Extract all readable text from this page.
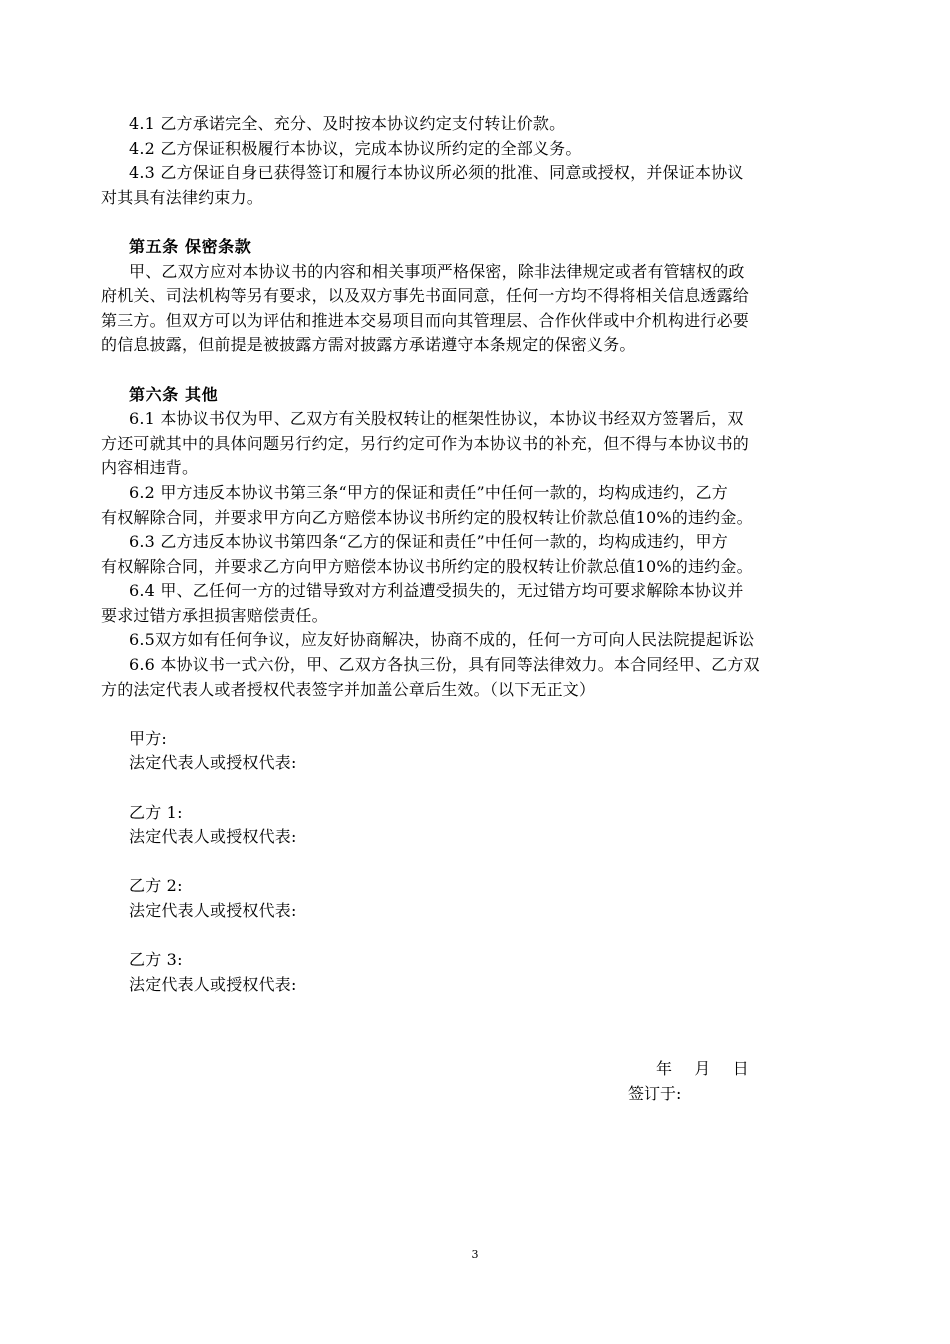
4.1 乙方承诺完全、充分、及时按本协议约定支付转让价款。
4.2 乙方保证积极履行本协议，完成本协议所约定的全部义务。
4.3 乙方保证自身已获得签订和履行本协议所必须的批准、同意或授权，并保证本协议
对其具有法律约束力。
第五条 保密条款
甲、乙双方应对本协议书的内容和相关事项严格保密，除非法律规定或者有管辖权的政
府机关、司法机构等另有要求，以及双方事先书面同意，任何一方均不得将相关信息透露给
第三方。但双方可以为评估和推进本交易项目而向其管理层、合作伙伴或中介机构进行必要
的信息披露，但前提是被披露方需对披露方承诺遵守本条规定的保密义务。
第六条 其他
6.1 本协议书仅为甲、乙双方有关股权转让的框架性协议，本协议书经双方签署后，双
方还可就其中的具体问题另行约定，另行约定可作为本协议书的补充，但不得与本协议书的
内容相违背。
6.2 甲方违反本协议书第三条“甲方的保证和责任”中任何一款的，均构成违约，乙方
有权解除合同，并要求甲方向乙方赔偿本协议书所约定的股权转让价款总值10%的违约金。
6.3 乙方违反本协议书第四条“乙方的保证和责任”中任何一款的，均构成违约，甲方
有权解除合同，并要求乙方向甲方赔偿本协议书所约定的股权转让价款总值10%的违约金。
6.4 甲、乙任何一方的过错导致对方利益遭受损失的，无过错方均可要求解除本协议并
要求过错方承担损害赔偿责任。
6.5双方如有任何争议，应友好协商解决，协商不成的，任何一方可向人民法院提起诉讼
6.6 本协议书一式六份，甲、乙双方各执三份，具有同等法律效力。本合同经甲、乙方双
方的法定代表人或者授权代表签字并加盖公章后生效。（以下无正文）
甲方:
法定代表人或授权代表:
乙方 1:
法定代表人或授权代表:
乙方 2:
法定代表人或授权代表:
乙方 3:
法定代表人或授权代表:
年    月    日
签订于:
3
